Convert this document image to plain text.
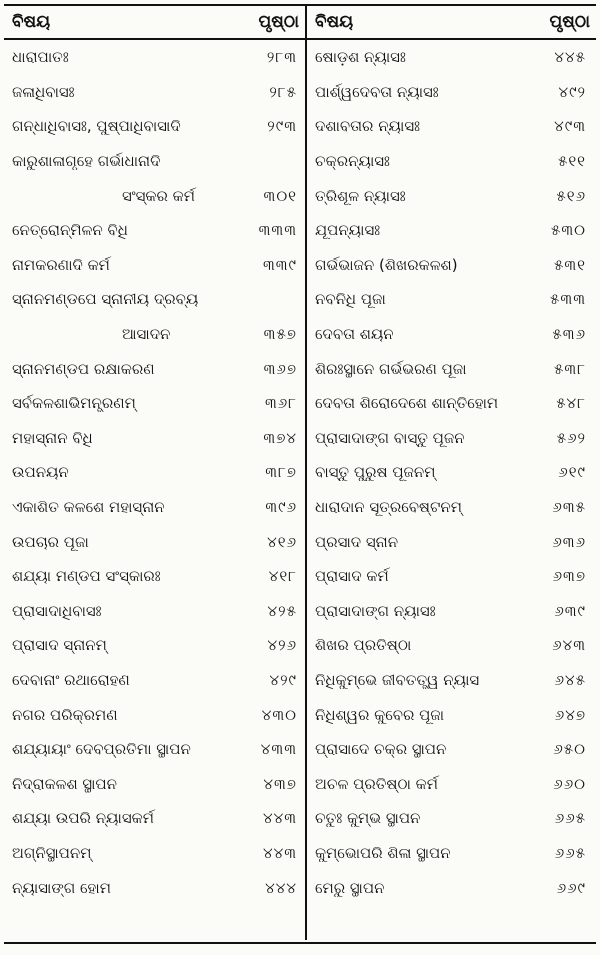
ବିଷୟ	ପୃଷ୍ଠା ବିଷୟ	ପୃଷ୍ଠା
ଧାରାପାତଃ	୨୮୩
ଜଳାଧିବାସଃ	୨୮୫
ଗନ୍ଧାଧିବାସଃ, ପୁଷ୍ପାଧିବାସାଦି	୨୯୩
କାରୁଶାଳାଗୃହେ ଗର୍ଭାଧାନାଦି
ସଂସ୍କର କର୍ମ	୩୦୧
ନେତ୍ରୋନ୍ମିଳନ ବିଧି	୩୩୩
ନାମକରଣାଦି କର୍ମ	୩୩୯
ସ୍ନାନମଣ୍ଡପେ ସ୍ନାନୀୟ ଦ୍ରବ୍ୟ
ଆସାଦନ	୩୫୭
ସ୍ନାନମଣ୍ଡପ ରକ୍ଷାକରଣ	୩୬୭
ସର୍ବକଳଶାଭିମନ୍ତ୍ରଣମ୍	୩୬୮
ମହାସ୍ନାନ ବିଧି	୩୭୪
ଉପନୟନ	୩୮୭
ଏକାଶିତ କଳଶେ ମହାସ୍ନାନ	୩୯୬
ଉପଚାର ପୂଜା	୪୧୬
ଶଯ୍ୟା ମଣ୍ଡପ ସଂସ୍କାରଃ	୪୧୮
ପ୍ରାସାଦାଧିବାସଃ	୪୨୫
ପ୍ରାସାଦ ସ୍ନାନମ୍	୪୨୬
ଦେବାନାଂ ରଥାରୋହଣ	୪୨୯
ନଗର ପରିକ୍ରମଣ	୪୩୦
ଶଯ୍ୟାୟାଂ ଦେବପ୍ରତିମା ସ୍ଥାପନ	୪୩୩
ନିଦ୍ରାକଳଶ ସ୍ଥାପନ	୪୩୭
ଶଯ୍ୟା ଉପରି ନ୍ୟାସକର୍ମ	୪୪୩
ଅଗ୍ନିସ୍ଥାପନମ୍	୪୪୩
ନ୍ୟାସାଙ୍ଗ ହୋମ	୪୪୪
ଷୋଡ଼ଶ ନ୍ୟାସଃ	୪୪୫
ପାର୍ଶ୍ୱଦେବତା ନ୍ୟାସଃ	୪୯୨
ଦଶାବତାର ନ୍ୟାସଃ	୪୯୩
ଚକ୍ରନ୍ୟାସଃ	୫୧୧
ତ୍ରିଶୂଳ ନ୍ୟାସଃ	୫୧୬
ଯୂପନ୍ୟାସଃ	୫୩୦
ଗର୍ଭଭାଜନ (ଶିଖରକଳଶ)	୫୩୧
ନବନିଧି ପୂଜା	୫୩୩
ଦେବତା ଶୟନ	୫୩୬
ଶିରଃସ୍ଥାନେ ଗର୍ଭଭରଣ ପୂଜା	୫୩୮
ଦେବତା ଶିରୋଦେଶେ ଶାନ୍ତିହୋମ	୫୪୮
ପ୍ରାସାଦାଙ୍ଗ ବାସ୍ତୁ ପୂଜନ	୫୬୨
ବାସ୍ତୁ ପୁରୁଷ ପୂଜନମ୍	୬୧୯
ଧାରାଦାନ ସୂତ୍ରବେଷ୍ଟନମ୍	୬୩୫
ପ୍ରସାଦ ସ୍ନାନ	୬୩୬
ପ୍ରାସାଦ କର୍ମ	୬୩୭
ପ୍ରାସାଦାଙ୍ଗ ନ୍ୟାସଃ	୬୩୯
ଶିଖର ପ୍ରତିଷ୍ଠା	୬୪୩
ନିଧିକୁମ୍ଭେ ଜୀବତତ୍ତ୍ୱ ନ୍ୟାସ	୬୪୫
ନିଧିଶ୍ୱର କୁବେର ପୂଜା	୬୪୭
ପ୍ରାସାଦେ ଚକ୍ର ସ୍ଥାପନ	୬୫୦
ଅଚଳ ପ୍ରତିଷ୍ଠା କର୍ମ	୬୬୦
ଚତୁଃ କୁମ୍ଭ ସ୍ଥାପନ	୬୬୫
କୁମ୍ଭୋପରି ଶିଳା ସ୍ଥାପନ	୬୬୫
ମେରୁ ସ୍ଥାପନ	୬୬୯
